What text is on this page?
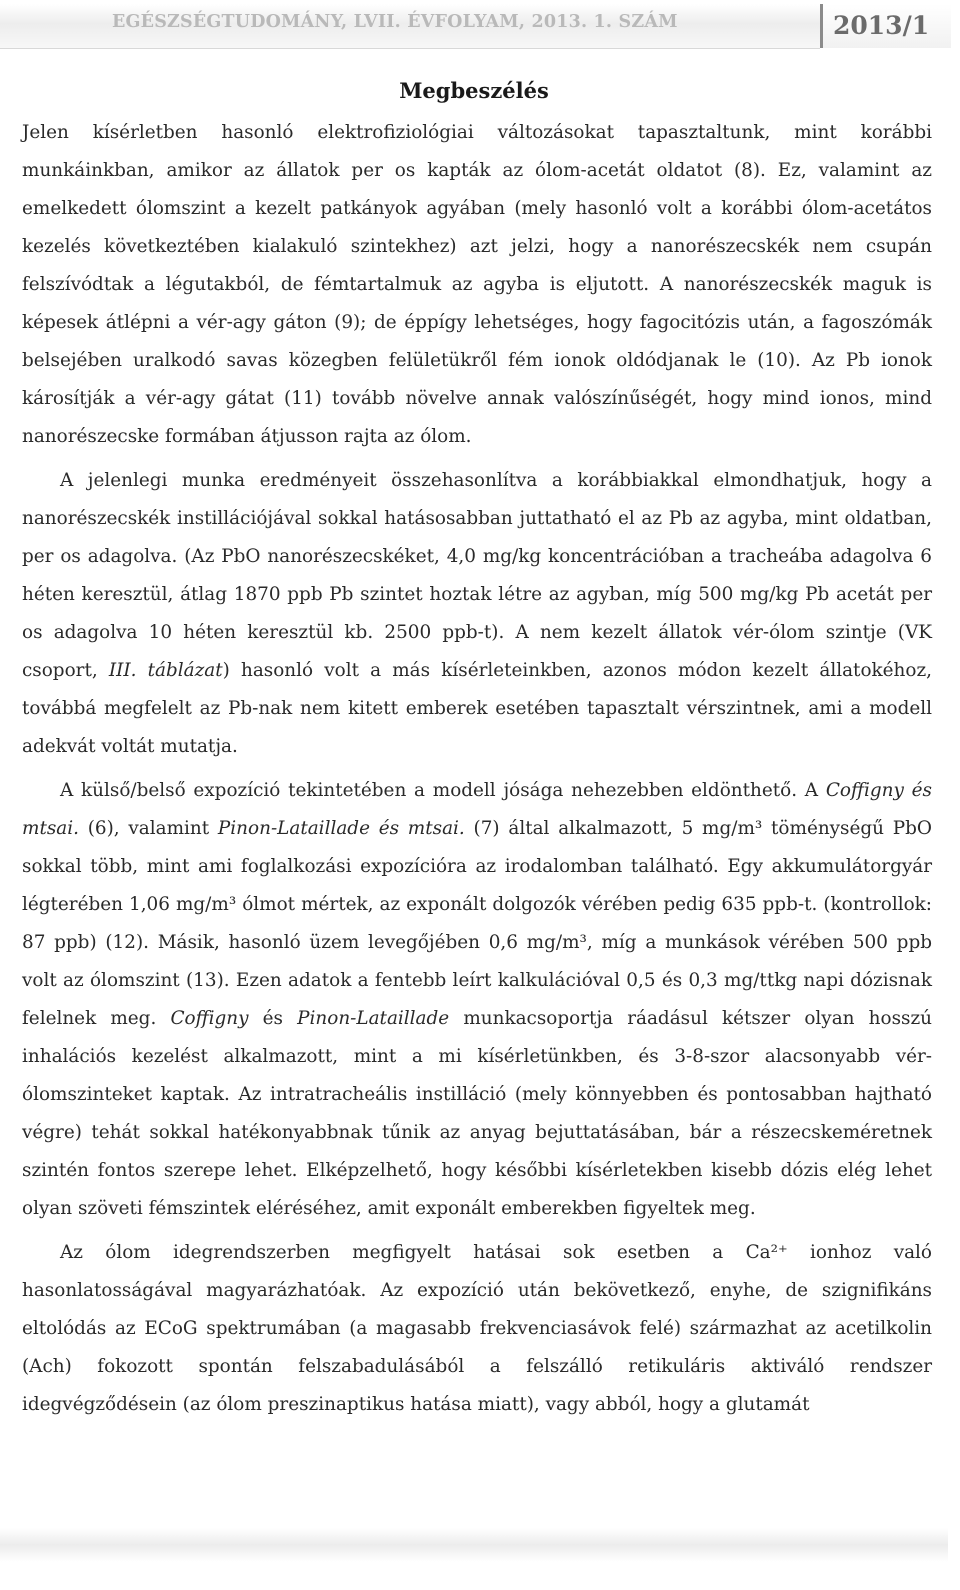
EGÉSZSÉGTUDOMÁNY, LVII. ÉVFOLYAM, 2013. 1. SZÁM	2013/1
Megbeszélés

Jelen kísérletben hasonló elektrofiziológiai változásokat tapasztaltunk, mint korábbi munkáinkban, amikor az állatok per os kapták az ólom-acetát oldatot (8). Ez, valamint az emelkedett ólomszint a kezelt patkányok agyában (mely hasonló volt a korábbi ólom-acetátos kezelés következtében kialakuló szintekhez) azt jelzi, hogy a nanorészecskék nem csupán felszívódtak a légutakból, de fémtartalmuk az agyba is eljutott. A nanorészecskék maguk is képesek átlépni a vér-agy gáton (9); de éppígy lehetséges, hogy fagocitózis után, a fagoszómák belsejében uralkodó savas közegben felületükről fém ionok oldódjanak le (10). Az Pb ionok károsítják a vér-agy gátat (11) tovább növelve annak valószínűségét, hogy mind ionos, mind nanorészecske formában átjusson rajta az ólom.

A jelenlegi munka eredményeit összehasonlítva a korábbiakkal elmondhatjuk, hogy a nanorészecskék instillációjával sokkal hatásosabban juttatható el az Pb az agyba, mint oldatban, per os adagolva. (Az PbO nanorészecskéket, 4,0 mg/kg koncentrációban a tracheába adagolva 6 héten keresztül, átlag 1870 ppb Pb szintet hoztak létre az agyban, míg 500 mg/kg Pb acetát per os adagolva 10 héten keresztül kb. 2500 ppb-t). A nem kezelt állatok vér-ólom szintje (VK csoport, III. táblázat) hasonló volt a más kísérleteinkben, azonos módon kezelt állatokéhoz, továbbá megfelelt az Pb-nak nem kitett emberek esetében tapasztalt vérszintnek, ami a modell adekvát voltát mutatja.

A külső/belső expozíció tekintetében a modell jósága nehezebben eldönthető. A Coffigny és mtsai. (6), valamint Pinon-Lataillade és mtsai. (7) által alkalmazott, 5 mg/m³ töménységű PbO sokkal több, mint ami foglalkozási expozícióra az irodalomban található. Egy akkumulátorgyár légterében 1,06 mg/m³ ólmot mértek, az exponált dolgozók vérében pedig 635 ppb-t. (kontrollok: 87 ppb) (12). Másik, hasonló üzem levegőjében 0,6 mg/m³, míg a munkások vérében 500 ppb volt az ólomszint (13). Ezen adatok a fentebb leírt kalkulációval 0,5 és 0,3 mg/ttkg napi dózisnak felelnek meg. Coffigny és Pinon-Lataillade munkacsoportja ráadásul kétszer olyan hosszú inhalációs kezelést alkalmazott, mint a mi kísérletünkben, és 3-8-szor alacsonyabb vér-ólomszinteket kaptak. Az intratracheális instilláció (mely könnyebben és pontosabban hajtható végre) tehát sokkal hatékonyabbnak tűnik az anyag bejuttatásában, bár a részecskeméretnek szintén fontos szerepe lehet. Elképzelhető, hogy későbbi kísérletekben kisebb dózis elég lehet olyan szöveti fémszintek eléréséhez, amit exponált emberekben figyeltek meg.

Az ólom idegrendszerben megfigyelt hatásai sok esetben a Ca²⁺ ionhoz való hasonlatosságával magyarázhatóak. Az expozíció után bekövetkező, enyhe, de szignifikáns eltolódás az ECoG spektrumában (a magasabb frekvenciasávok felé) származhat az acetilkolin (Ach) fokozott spontán felszabadulásából a felszálló retikuláris aktiváló rendszer idegvégződésein (az ólom preszinaptikus hatása miatt), vagy abból, hogy a glutamát
